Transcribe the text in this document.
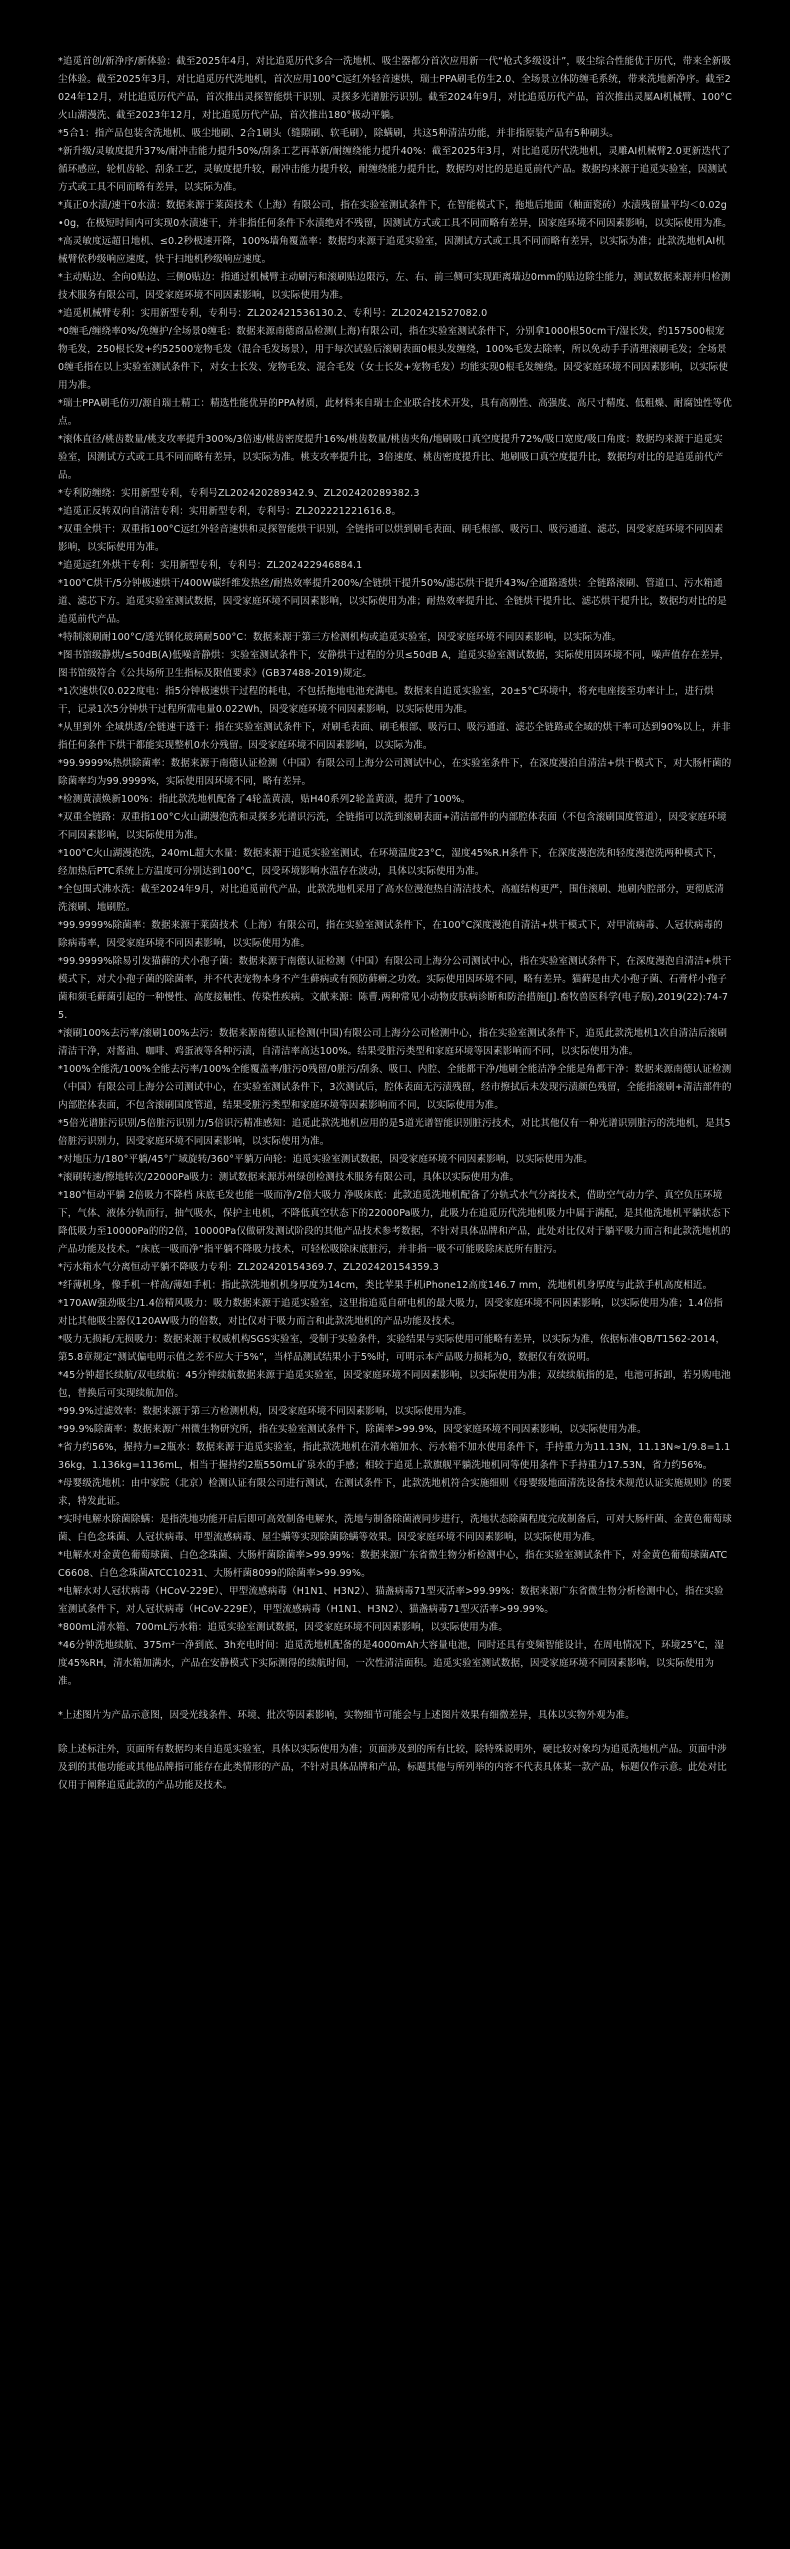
*追觅首创/新净序/新体验：截至2025年4月，对比追觅历代多合一洗地机、吸尘器都分首次应用新一代“枪式多级设计”，吸尘综合性能优于历代，带来全新吸尘体验。截至2025年3月，对比追觅历代洗地机，首次应用100°C远红外轻音速烘，瑞士PPA刷毛仿生2.0、全场景立体防缠毛系统，带来洗地新净序。截至2024年12月，对比追觅历代产品，首次推出灵探智能烘干识别、灵探多光谱脏污识别。截至2024年9月，对比追觅历代产品，首次推出灵屟AI机械臂、100°C火山湖漫洗、截至2023年12月，对比追觅历代产品，首次推出180°极动平躺。

*5合1：指产品包装含洗地机、吸尘地刷、2合1刷头（缝隙刷、软毛刷），除螨刷，共这5种清洁功能，并非指原装产品有5种刷头。

*新升级/灵敏度提升37%/耐冲击能力提升50%/刮条工艺再革新/耐缠绕能力提升40%：截至2025年3月，对比追觅历代洗地机，灵雕AI机械臂2.0更新迭代了循环感应，轮机齿轮、刮条工艺，灵敏度提升较，耐冲击能力提升较，耐缠绕能力提升比，数据均对比的是追觅前代产品。数据均来源于追觅实验室，因测试方式或工具不同而略有差异，以实际为准。

*真正0水渍/速干0水渍：数据来源于莱茵技术（上海）有限公司，指在实验室测试条件下，在智能模式下，拖地后地面（釉面瓷砖）水渍残留量平均＜0.02g•0g，在极短时间内可实现0水渍速干，并非指任何条件下水渍绝对不残留，因测试方式或工具不同而略有差异，因家庭环境不同因素影响，以实际使用为准。

*高灵敏度远超日地机、≤0.2秒极速开降，100%墙角覆盖率：数据均来源于追觅实验室，因测试方式或工具不同而略有差异，以实际为准；此款洗地机AI机械臂依秒级响应速度，快于扫地机秒级响应速度。

*主动贴边、全向0贴边、三侧0贴边：指通过机械臂主动刷污和滚刷贴边限污，左、右、前三侧可实现距离墙边0mm的贴边除尘能力，测试数据来源并归检测技术服务有限公司，因受家庭环境不同因素影响，以实际使用为准。

*追觅机械臂专利：实用新型专利，专利号：ZL202421536130.2、专利号：ZL202421527082.0

*0缠毛/缠绕率0%/免缠护/全场景0缠毛：数据来源南德商品检测(上海)有限公司，指在实验室测试条件下，分别拿1000根50cm干/湿长发，约157500根宠物毛发，250根长发+约52500宠物毛发（混合毛发场景），用于每次试验后滚刷表面0根头发缠绕，100%毛发去除率，所以免动手手清理滚刷毛发；全场景0缠毛指在以上实验室测试条件下，对女士长发、宠物毛发、混合毛发（女士长发+宠物毛发）均能实现0根毛发缠绕。因受家庭环境不同因素影响，以实际使用为准。

*瑞士PPA刷毛仿刃/源自瑞士精工：精选性能优异的PPA材质，此材料来自瑞士企业联合技术开发，具有高刚性、高强度、高尺寸精度、低粗燥、耐腐蚀性等优点。

*滚体直径/桃齿数量/桃支攻率提升300%/3倍速/桃齿密度提升16%/桃齿数量/桃齿夹角/地刷吸口真空度提升72%/吸口宽度/吸口角度：数据均来源于追觅实验室，因测试方式或工具不同而略有差异，以实际为准。桃支攻率提升比，3倍速度、桃齿密度提升比、地刷吸口真空度提升比，数据均对比的是追觅前代产品。

*专利防缠绕：实用新型专利，专利号ZL202420289342.9、ZL202420289382.3

*追觅正反转双向自清洁专利：实用新型专利，专利号：ZL202221221616.8。

*双重全烘干：双重指100°C远红外轻音速烘和灵探智能烘干识别，全链指可以烘到刷毛表面、刷毛根部、吸污口、吸污通道、滤芯，因受家庭环境不同因素影响，以实际使用为准。

*追觅远红外烘干专利：实用新型专利，专利号：ZL202422946884.1

*100°C烘干/5分钟极速烘干/400W碳纤维发热丝/耐热效率提升200%/全链烘干提升50%/滤芯烘干提升43%/全通路透烘：全链路滚刷、管道口、污水箱通道、滤芯下方。追觅实验室测试数据，因受家庭环境不同因素影响，以实际使用为准；耐热效率提升比、全链烘干提升比、滤芯烘干提升比，数据均对比的是追觅前代产品。

*特制滚刷耐100°C/透光钢化玻璃耐500°C：数据来源于第三方检测机构或追觅实验室，因受家庭环境不同因素影响，以实际为准。

*图书馆级静烘/≤50dB(A)低噪音静烘：实验室测试条件下，安静烘干过程的分贝≤50dB A，追觅实验室测试数据，实际使用因环境不同，噪声值存在差异，图书馆级符合《公共场所卫生指标及限值要求》(GB37488-2019)规定。

*1次速烘仅0.022度电：指5分钟极速烘干过程的耗电，不包括拖地电池充满电。数据来自追觅实验室，20±5°C环境中，将充电座接至功率计上，进行烘干，记录1次5分钟烘干过程所需电量0.022Wh，因受家庭环境不同因素影响，以实际使用为准。

*从里到外 全域烘透/全链速干透干：指在实验室测试条件下，对刷毛表面、刷毛根部、吸污口、吸污通道、滤芯全链路或全域的烘干率可达到90%以上，并非指任何条件下烘干都能实现整机0水分残留。因受家庭环境不同因素影响，以实际为准。

*99.9999%热烘除菌率：数据来源于南德认证检测（中国）有限公司上海分公司测试中心，在实验室条件下，在深度漫泊自清洁+烘干模式下，对大肠杆菌的除菌率均为99.9999%，实际使用因环境不同，略有差异。

*检测黄渍焕新100%：指此款洗地机配备了4轮盖黄渍，贴H40系列2轮盖黄渍，提升了100%。

*双重全链路：双重指100°C火山湖漫泡洗和灵探多光谱识污洗，全链指可以洗到滚刷表面+清洁部件的内部腔体表面（不包含滚刷国度管道），因受家庭环境不同因素影响，以实际使用为准。

*100°C火山湖漫泡洗，240mL超大水量：数据来源于追觅实验室测试，在环境温度23°C，湿度45%R.H条件下，在深度漫泡洗和轻度漫泡洗两种模式下，经加热后PTC系统上方温度可分别达到100°C，因受环境影响水温存在波动，具体以实际使用为准。

*全包围式沸水洗：截至2024年9月，对比追觅前代产品，此款洗地机采用了高水位漫泡热自清洁技术，高瘟结构更严，围住滚刷、地刷内腔部分，更彻底清洗滚刷、地刷腔。

*99.9999%除菌率：数据来源于莱茵技术（上海）有限公司，指在实验室测试条件下，在100°C深度漫泡自清洁+烘干模式下，对甲流病毒、人冠状病毒的除病毒率，因受家庭环境不同因素影响，以实际使用为准。

*99.9999%除易引发猫藓的犬小孢子菌：数据来源于南德认证检测（中国）有限公司上海分公司测试中心，指在实验室测试条件下，在深度漫泡自清洁+烘干模式下，对犬小孢子菌的除菌率，并不代表宠物本身不产生藓病或有预防藓癣之功效。实际使用因环境不同，略有差异。猫藓是由犬小孢子菌、石膏样小孢子菌和须毛藓菌引起的一种慢性、高度接触性、传染性疾病。文献来源：陈曹.两种常见小动物皮肤病诊断和防治措施[J].畜牧兽医科学(电子版),2019(22):74-75.

*滚刷100%去污率/滚刷100%去污：数据来源南德认证检测(中国)有限公司上海分公司检测中心，指在实验室测试条件下，追觅此款洗地机1次自清洁后滚刷清洁干净，对酱油、咖啡、鸡蛋液等各种污渍，自清洁率高达100%。结果受脏污类型和家庭环境等因素影响而不同，以实际使用为准。

*100%全能洗/100%全能去污率/100%全能覆盖率/脏污0残留/0脏污/刮条、吸口、内腔、全能都干净/地刷全能洁净全能是角都干净：数据来源南德认证检测（中国）有限公司上海分公司测试中心，在实验室测试条件下，3次测试后，腔体表面无污渍残留，经市擦拭后未发现污渍颜色残留，全能指滚刷+清洁部件的内部腔体表面，不包含滚刷国度管道，结果受脏污类型和家庭环境等因素影响而不同，以实际使用为准。

*5倍光谱脏污识别/5倍脏污识别力/5倍识污精准感知：追觅此款洗地机应用的是5道光谱智能识别脏污技术，对比其他仅有一种光谱识别脏污的洗地机，是其5倍脏污识别力，因受家庭环境不同因素影响，以实际使用为准。

*对地压力/180°平躺/45°广域旋转/360°平躺万向轮：追觅实验室测试数据，因受家庭环境不同因素影响，以实际使用为准。

*滚刷转速/擦地转次/22000Pa吸力：测试数据来源苏州绿创检测技术服务有限公司，具体以实际使用为准。

*180°恒动平躺 2倍吸力不降档 床底毛发也能一吸而净/2倍大吸力 净吸床底：此款追觅洗地机配备了分轨式水气分离技术，借助空气动力学、真空负压环境下，气体、液体分轨而行，抽气吸水，保护主电机，不降低真空状态下的22000Pa吸力，此吸力在追觅历代洗地机吸力中属于满配，是其他洗地机平躺状态下降低吸力至10000Pa的的2倍，10000Pa仅做研发测试阶段的其他产品技术参考数据，不针对具体品牌和产品，此处对比仅对于躺平吸力而言和此款洗地机的产品功能及技术。“床底一吸而净”指平躺不降吸力技术，可轻松吸除床底脏污，并非指一吸不可能吸除床底所有脏污。

*污水箱水气分离恒动平躺不降吸力专利：ZL202420154369.7、ZL202420154359.3

*纤薄机身，像手机一样高/薄如手机：指此款洗地机机身厚度为14cm，类比苹果手机iPhone12高度146.7 mm，洗地机机身厚度与此款手机高度相近。

*170AW强劲吸尘/1.4倍精风吸力：吸力数据来源于追觅实验室，这里指追觅自研电机的最大吸力，因受家庭环境不同因素影响，以实际使用为准；1.4倍指对比其他吸尘器仅120AW吸力的倍数，对比仅对于吸力而言和此款洗地机的产品功能及技术。

*吸力无损耗/无损吸力：数据来源于权威机构SGS实验室，受制于实验条件，实验结果与实际使用可能略有差异，以实际为准，依据标准QB/T1562-2014，第5.8章规定“测试偏电明示值之差不应大于5%”，当样品测试结果小于5%时，可明示本产品吸力损耗为0，数据仅有效说明。

*45分钟超长续航/双电续航：45分钟续航数据来源于追觅实验室，因受家庭环境不同因素影响，以实际使用为准；双续续航指的是，电池可拆卸，若另购电池包，替换后可实现续航加倍。

*99.9%过滤效率：数据来源于第三方检测机构，因受家庭环境不同因素影响，以实际使用为准。

*99.9%除菌率：数据来源广州微生物研究所，指在实验室测试条件下，除菌率>99.9%，因受家庭环境不同因素影响，以实际使用为准。

*省力约56%，握持力=2瓶水：数据来源于追觅实验室，指此款洗地机在清水箱加水、污水箱不加水使用条件下，手持重力为11.13N，11.13N≈1/9.8=1.136kg，1.136kg=1136mL，相当于握持约2瓶550mL矿泉水的手感；相较于追觅上款旗舰平躺洗地机同等使用条件下手持重力17.53N，省力约56%。

*母婴级洗地机：由中家院（北京）检测认证有限公司进行测试，在测试条件下，此款洗地机符合实施细则《母婴级地面清洗设备技术规范认证实施规则》的要求，特发此证。

*实时电解水除菌除螨：是指洗地功能开启后即可高效制备电解水，洗地与制备除菌液同步进行，洗地状态除菌程度完成制备后，可对大肠杆菌、金黄色葡萄球菌、白色念珠菌、人冠状病毒、甲型流感病毒、屋尘螨等实现除菌除螨等效果。因受家庭环境不同因素影响，以实际使用为准。

*电解水对金黄色葡萄球菌、白色念珠菌、大肠杆菌除菌率>99.99%：数据来源广东省微生物分析检测中心，指在实验室测试条件下，对金黄色葡萄球菌ATCC6608、白色念珠菌ATCC10231、大肠杆菌8099的除菌率>99.99%。

*电解水对人冠状病毒（HCoV-229E）、甲型流感病毒（H1N1、H3N2）、猫盏病毒71型灭活率>99.99%：数据来源广东省微生物分析检测中心，指在实验室测试条件下，对人冠状病毒（HCoV-229E），甲型流感病毒（H1N1、H3N2）、猫盏病毒71型灭活率>99.99%。

*800mL清水箱、700mL污水箱：追觅实验室测试数据，因受家庭环境不同因素影响，以实际使用为准。

*46分钟洗地续航、375m²一净到底、3h充电时间：追觅洗地机配备的是4000mAh大容量电池，同时还具有变频智能设计，在周电情况下，环境25°C，湿度45%RH，清水箱加满水，产品在安静模式下实际测得的续航时间，一次性清洁面积。追觅实验室测试数据，因受家庭环境不同因素影响，以实际使用为准。

*上述图片为产品示意图，因受光线条件、环境、批次等因素影响，实物细节可能会与上述图片效果有细微差异，具体以实物外观为准。

除上述标注外，页面所有数据均来自追觅实验室，具体以实际使用为准；页面涉及到的所有比较，除特殊说明外，硬比较对象均为追觅洗地机产品。页面中涉及到的其他功能或其他品牌指可能存在此类情形的产品，不针对具体品牌和产品，标题其他与所列举的内容不代表具体某一款产品，标题仅作示意。此处对比仅用于阐释追觅此款的产品功能及技术。
